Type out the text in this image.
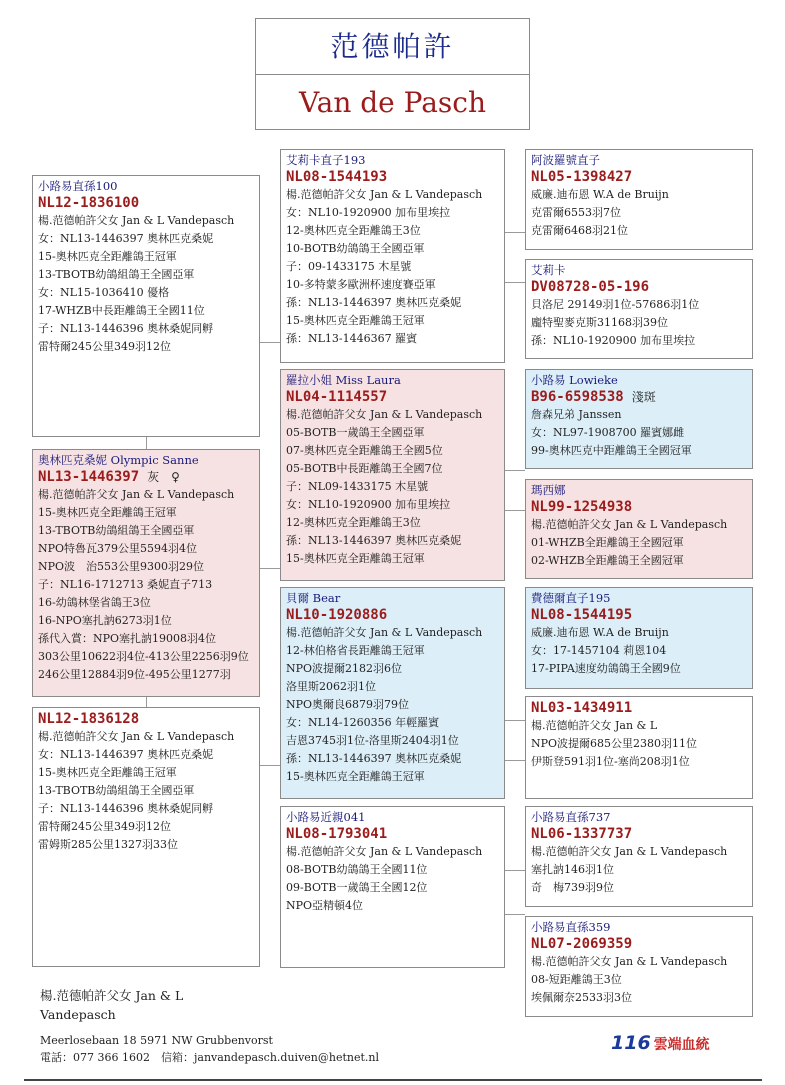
范德帕許
Van de Pasch
小路易直孫100
NL12-1836100
楊.范德帕許父女 Jan & L Vandepasch
女：NL13-1446397 奧林匹克桑妮
15-奧林匹克全距離鴿王冠軍
13-TBOTB幼鴿組鴿王全國亞軍
女：NL15-1036410 優格
17-WHZB中長距離鴿王全國11位
子：NL13-1446396 奧林桑妮同孵
雷特爾245公里349羽12位
奧林匹克桑妮 Olympic Sanne
NL13-1446397 灰　♀
楊.范德帕許父女 Jan & L Vandepasch
15-奧林匹克全距離鴿王冠軍
13-TBOTB幼鴿組鴿王全國亞軍
NPO特魯瓦379公里5594羽4位
NPO波　治553公里9300羽29位
子：NL16-1712713 桑妮直子713
16-幼鴿林堡省鴿王3位
16-NPO塞扎訥6273羽1位
孫代入賞：NPO塞扎訥19008羽4位
303公里10622羽4位-413公里2256羽9位
246公里12884羽9位-495公里1277羽
NL12-1836128
楊.范德帕許父女 Jan & L Vandepasch
女：NL13-1446397 奧林匹克桑妮
15-奧林匹克全距離鴿王冠軍
13-TBOTB幼鴿組鴿王全國亞軍
子：NL13-1446396 奧林桑妮同孵
雷特爾245公里349羽12位
雷姆斯285公里1327羽33位
艾莉卡直子193
NL08-1544193
楊.范德帕許父女 Jan & L Vandepasch
女：NL10-1920900 加布里埃拉
12-奧林匹克全距離鴿王3位
10-BOTB幼鴿鴿王全國亞軍
子：09-1433175 木星號
10-多特蒙多歐洲杯速度賽亞軍
孫：NL13-1446397 奧林匹克桑妮
15-奧林匹克全距離鴿王冠軍
孫：NL13-1446367 羅賓
羅拉小姐 Miss Laura
NL04-1114557
楊.范德帕許父女 Jan & L Vandepasch
05-BOTB一歲鴿王全國亞軍
07-奧林匹克全距離鴿王全國5位
05-BOTB中長距離鴿王全國7位
子：NL09-1433175 木星號
女：NL10-1920900 加布里埃拉
12-奧林匹克全距離鴿王3位
孫：NL13-1446397 奧林匹克桑妮
15-奧林匹克全距離鴿王冠軍
貝爾 Bear
NL10-1920886
楊.范德帕許父女 Jan & L Vandepasch
12-林伯格省長距離鴿王冠軍
NPO波提爾2182羽6位
洛里斯2062羽1位
NPO奧爾良6879羽79位
女：NL14-1260356 年輕羅賓
吉恩3745羽1位-洛里斯2404羽1位
孫：NL13-1446397 奧林匹克桑妮
15-奧林匹克全距離鴿王冠軍
小路易近親041
NL08-1793041
楊.范德帕許父女 Jan & L Vandepasch
08-BOTB幼鴿鴿王全國11位
09-BOTB一歲鴿王全國12位
NPO亞精頓4位
阿波羅號直子
NL05-1398427
威廉.迪布恩 W.A de Bruijn
克雷爾6553羽7位
克雷爾6468羽21位
艾莉卡
DV08728-05-196
貝洛尼 29149羽1位-57686羽1位
龐特聖麥克斯31168羽39位
孫：NL10-1920900 加布里埃拉
小路易 Lowieke
B96-6598538 淺斑
詹森兄弟 Janssen
女：NL97-1908700 羅賓娜雌
99-奧林匹克中距離鴿王全國冠軍
瑪西娜
NL99-1254938
楊.范德帕許父女 Jan & L Vandepasch
01-WHZB全距離鴿王全國冠軍
02-WHZB全距離鴿王全國冠軍
費德爾直子195
NL08-1544195
威廉.迪布恩 W.A de Bruijn
女：17-1457104 莉恩104
17-PIPA速度幼鴿鴿王全國9位
NL03-1434911
楊.范德帕許父女 Jan & L
NPO波提爾685公里2380羽11位
伊斯登591羽1位-塞尚208羽1位
小路易直孫737
NL06-1337737
楊.范德帕許父女 Jan & L Vandepasch
塞扎訥146羽1位
奇　梅739羽9位
小路易直孫359
NL07-2069359
楊.范德帕許父女 Jan & L Vandepasch
08-短距離鴿王3位
埃佩爾奈2533羽3位
楊.范德帕許父女 Jan & L Vandepasch
Meerlosebaan 18 5971 NW Grubbenvorst
電話：077 366 1602　信箱：janvandepasch.duiven@hetnet.nl
116 雲端血統
